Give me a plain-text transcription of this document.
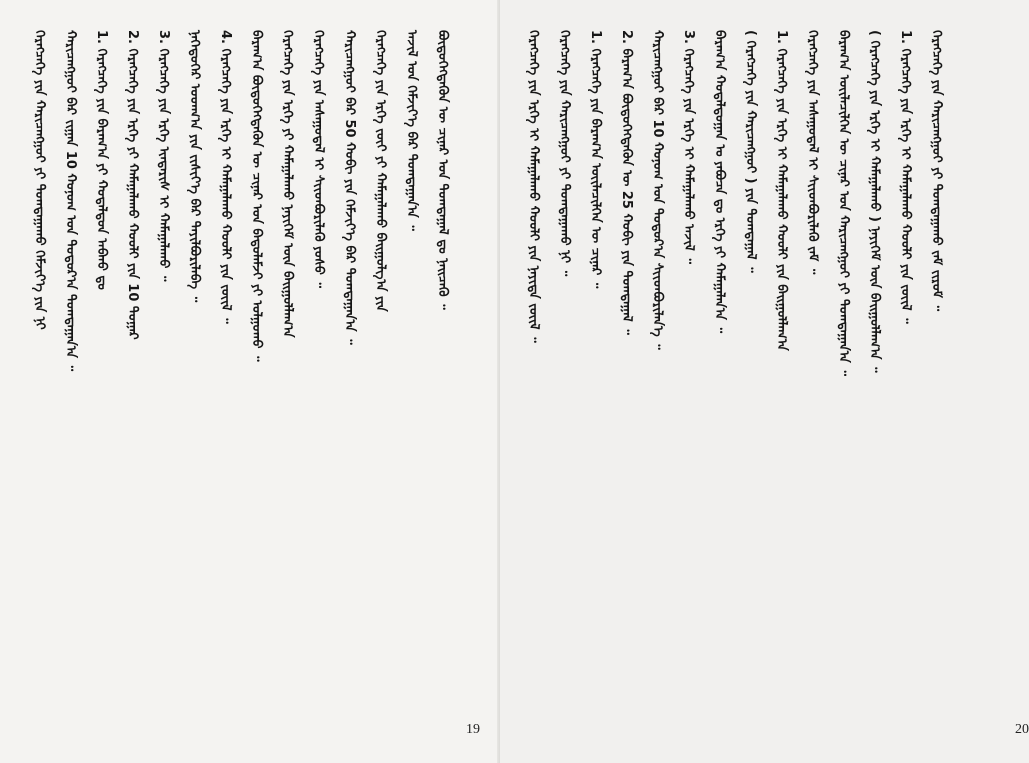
ᠬᠡᠷᠡᠭᠴᠡᠭᠡ ᠶᠢᠨ ᠬᠠᠷᠢᠴᠠᠩᠭᠤᠢ ᠶᠢ ᠲᠣᠭᠲᠠᠭᠠᠬᠤ ᠬᠡᠮᠵᠢᠶ᠎ᠡ ᠶᠢᠨ ᠨᠢ ᠬᠠᠷᠢᠴᠠᠩᠭᠤᠢ ᠪᠡᠷ ᠵᠢᠭᠠᠨ 10 ᠬᠣᠨᠤᠭ ᠤᠨ ᠳᠣᠳᠣᠷ᠎ᠠ ᠲᠣᠭᠲᠠᠭᠠᠨ᠎ᠠ ᠃ 1. ᠬᠡᠷᠡᠭᠴᠡᠭᠡ ᠶᠢᠨ ᠪᠠᠷᠠᠭ᠎ᠠ ᠶᠢ ᠬᠤᠳᠠᠯᠳᠤᠨ ᠠᠪᠬᠤ ᠳᠤ 2. ᠬᠡᠷᠡᠭᠴᠡᠭᠡ ᠶᠢᠨ ᠡᠷᠬᠡ ᠶᠢ ᠬᠠᠮᠠᠭᠠᠯᠠᠬᠤ ᠬᠤᠤᠯᠢ ᠶᠢᠨ 10 ᠳᠤᠭᠠᠷ 3. ᠬᠡᠷᠡᠭᠴᠡᠭᠡ ᠶᠢᠨ ᠡᠷᠬᠡ ᠢᠨᠲᠡᠷᠢᠰ ᠢ ᠬᠠᠮᠠᠭᠠᠯᠠᠬᠤ ᠃ ᠨᠡᠭᠡᠳᠦᠭᠡᠷ ᠤᠳᠬ᠎ᠠ ᠶᠢᠨ ᠵᠢᠱᠢᠶ᠎ᠡ ᠪᠡᠷ ᠲᠠᠶᠢᠯᠪᠤᠷᠢᠯᠠᠪᠠ ᠃ 4. ᠬᠡᠷᠡᠭᠴᠡᠭᠡ ᠶᠢᠨ ᠡᠷᠬᠡ ᠢ ᠬᠠᠮᠠᠭᠠᠯᠠᠬᠤ ᠬᠤᠤᠯᠢ ᠶᠢᠨ ᠵᠦᠢᠯ ᠃ ᠪᠠᠷᠠᠭ᠎ᠠ ᠪᠦᠲᠦᠭᠡᠭᠳᠡᠬᠦᠨ ᠦ ᠴᠢᠨᠠᠷ ᠤᠨ ᠪᠠᠲᠤᠯᠠᠮᠵᠢ ᠶᠢ ᠣᠯᠭᠣᠬᠤ ᠃ ᠬᠡᠷᠡᠭᠴᠡᠭᠡ ᠶᠢᠨ ᠡᠷᠬᠡ ᠶᠢ ᠬᠠᠮᠠᠭᠠᠯᠠᠬᠤ ᠨᠡᠶᠢᠭᠡᠮ ᠦᠨ ᠪᠠᠢᠭᠤᠯᠯᠠᠭ᠎ᠠ ᠬᠡᠷᠡᠭᠴᠡᠭᠡ ᠶᠢᠨ ᠠᠰᠠᠭᠤᠳᠠᠯ ᠢ ᠰᠢᠢᠳᠪᠦᠷᠢᠯᠡᠬᠦ ᠶᠣᠰᠤ ᠃ ᠬᠠᠷᠢᠴᠠᠩᠭᠤᠢ ᠪᠡᠷ 50 ᠬᠤᠪᠢ ᠶᠢᠨ ᠬᠡᠮᠵᠢᠶ᠎ᠡ ᠪᠡᠷ ᠲᠣᠭᠲᠠᠭᠠᠨ᠎ᠠ ᠃ ᠬᠡᠷᠡᠭᠴᠡᠭᠡ ᠶᠢᠨ ᠡᠷᠬᠡ ᠵᠦᠢ ᠶᠢ ᠬᠠᠮᠠᠭᠠᠯᠠᠬᠤ ᠪᠠᠢᠭᠤᠯᠭ᠎ᠠ ᠶᠢᠨ ᠠᠵᠢᠯ ᠤᠨ ᠬᠡᠮᠵᠢᠶ᠎ᠡ ᠪᠡᠷ ᠲᠣᠭᠲᠠᠭᠠᠨ᠎ᠠ ᠃ ᠪᠦᠲᠦᠭᠡᠭᠳᠡᠬᠦᠨ ᠦ ᠴᠢᠨᠠᠷ ᠤᠨ ᠲᠣᠭᠲᠠᠭᠠᠯ ᠳᠤ ᠨᠡᠢᠴᠡᠬᠦ ᠃
19
ᠬᠡᠷᠡᠭᠴᠡᠭᠡ ᠶᠢᠨ ᠡᠷᠬᠡ ᠢ ᠬᠠᠮᠠᠭᠠᠯᠠᠬᠤ ᠬᠤᠤᠯᠢ ᠶᠢᠨ ᠨᠡᠶᠢᠲᠡ ᠵᠦᠢᠯ ᠃ ᠬᠡᠷᠡᠭᠴᠡᠭᠡ ᠶᠢᠨ ᠬᠠᠷᠢᠴᠠᠩᠭᠤᠢ ᠶᠢ ᠲᠣᠭᠲᠠᠭᠠᠬᠤ ᠨᠢ ᠃ 1. ᠬᠡᠷᠡᠭᠴᠡᠭᠡ ᠶᠢᠨ ᠪᠠᠷᠠᠭ᠎ᠠ ᠦᠢᠯᠡᠴᠢᠯᠭᠡᠨ ᠦ ᠴᠢᠨᠠᠷ ᠃ 2. ᠪᠠᠷᠠᠭ᠎ᠠ ᠪᠦᠲᠦᠭᠡᠭᠳᠡᠬᠦᠨ ᠦ 25 ᠬᠤᠪᠢ ᠶᠢᠨ ᠲᠣᠭᠲᠠᠭᠠᠯ ᠃ ᠬᠠᠷᠢᠴᠠᠩᠭᠤᠢ ᠪᠡᠷ 10 ᠬᠣᠨᠤᠭ ᠤᠨ ᠳᠣᠳᠣᠷ᠎ᠠ ᠰᠢᠢᠳᠪᠦᠷᠢᠯᠡᠨ᠎ᠡ ᠃ 3. ᠬᠡᠷᠡᠭᠴᠡᠭᠡ ᠶᠢᠨ ᠡᠷᠬᠡ ᠢ ᠬᠠᠮᠠᠭᠠᠯᠠᠬᠤ ᠠᠵᠢᠯ ᠃ ᠪᠠᠷᠠᠭ᠎ᠠ ᠬᠤᠳᠠᠯᠳᠤᠭᠠᠨ ᠤ ᠶᠠᠪᠤᠴᠠ ᠳᠤ ᠡᠷᠬᠡ ᠶᠢ ᠬᠠᠮᠠᠭᠠᠯᠠᠨ᠎ᠠ ᠃ ( ᠬᠡᠷᠡᠭᠴᠡᠭᠡ ᠶᠢᠨ ᠬᠠᠷᠢᠴᠠᠩᠭᠤᠢ ) ᠶᠢᠨ ᠲᠣᠭᠲᠠᠭᠠᠯ ᠃ 1. ᠬᠡᠷᠡᠭᠴᠡᠭᠡ ᠶᠢᠨ ᠡᠷᠬᠡ ᠢ ᠬᠠᠮᠠᠭᠠᠯᠠᠬᠤ ᠬᠤᠤᠯᠢ ᠶᠢᠨ ᠪᠠᠢᠭᠤᠯᠯᠠᠭ᠎ᠠ ᠬᠡᠷᠡᠭᠴᠡᠭᠡ ᠶᠢᠨ ᠠᠰᠠᠭᠤᠳᠠᠯ ᠢ ᠰᠢᠢᠳᠪᠦᠷᠢᠯᠡᠬᠦ ᠵᠠᠮ ᠃ ᠪᠠᠷᠠᠭ᠎ᠠ ᠦᠢᠯᠡᠴᠢᠯᠭᠡᠨ ᠦ ᠴᠢᠨᠠᠷ ᠤᠨ ᠬᠠᠷᠢᠴᠠᠩᠭᠤᠢ ᠶᠢ ᠲᠣᠭᠲᠠᠭᠠᠨ᠎ᠠ ᠃ ( ᠬᠡᠷᠡᠭᠴᠡᠭᠡ ᠶᠢᠨ ᠡᠷᠬᠡ ᠢ ᠬᠠᠮᠠᠭᠠᠯᠠᠬᠤ ) ᠨᠡᠶᠢᠭᠡᠮ ᠦᠨ ᠪᠠᠢᠭᠤᠯᠯᠠᠭ᠎ᠠ ᠃ 1. ᠬᠡᠷᠡᠭᠴᠡᠭᠡ ᠶᠢᠨ ᠡᠷᠬᠡ ᠢ ᠬᠠᠮᠠᠭᠠᠯᠠᠬᠤ ᠬᠤᠤᠯᠢ ᠶᠢᠨ ᠵᠦᠢᠯ ᠃ ᠬᠡᠷᠡᠭᠴᠡᠭᠡ ᠶᠢᠨ ᠬᠠᠷᠢᠴᠠᠩᠭᠤᠢ ᠶᠢ ᠲᠣᠭᠲᠠᠭᠠᠬᠤ ᠵᠠᠮ ᠵᠢᠷᠤᠮ ᠃
20
